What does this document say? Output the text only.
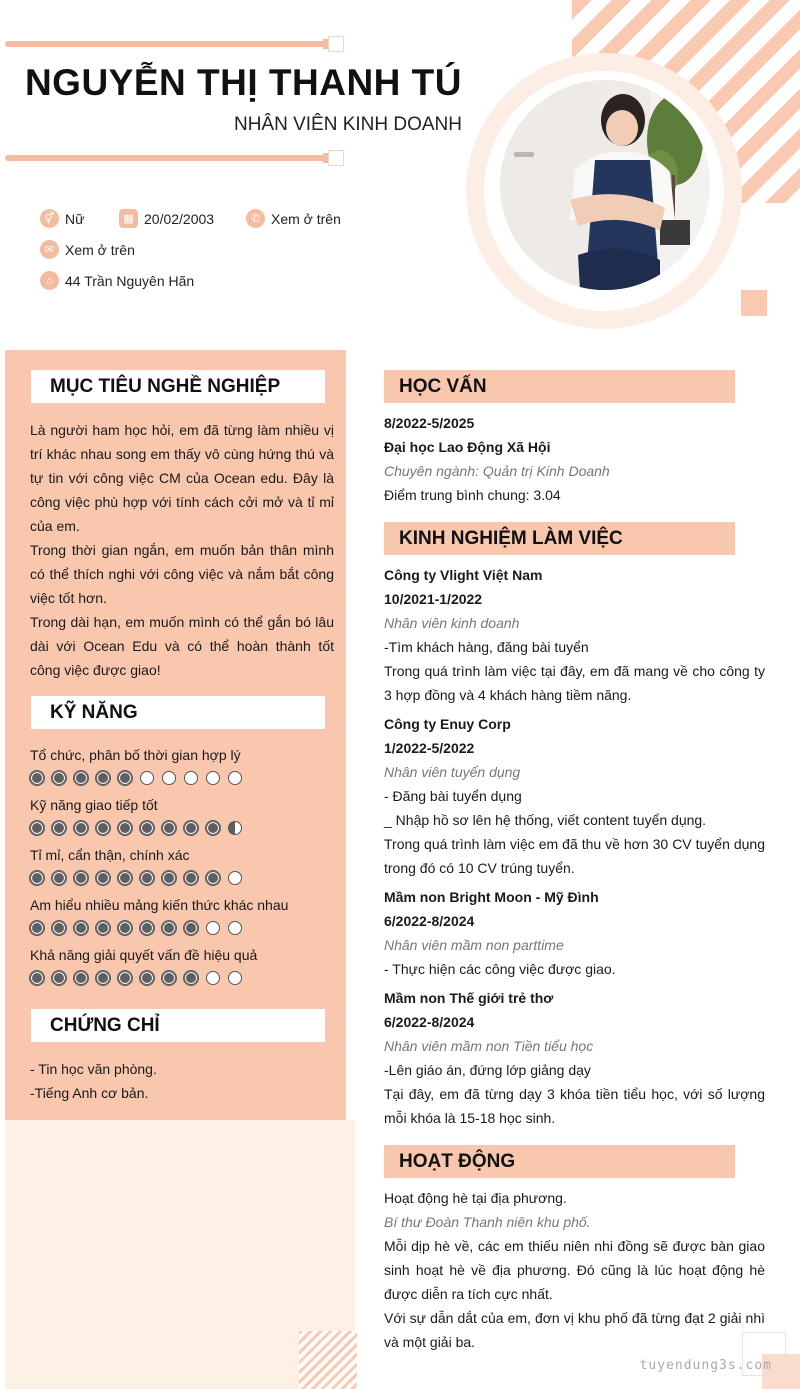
NGUYỄN THỊ THANH TÚ
NHÂN VIÊN KINH DOANH
⚥ Nữ	▦ 20/02/2003	✆ Xem ở trên
✉ Xem ở trên
⌂ 44 Trần Nguyên Hãn
MỤC TIÊU NGHỀ NGHIỆP

Là người ham học hỏi, em đã từng làm nhiều vị trí khác nhau song em thấy vô cùng hứng thú và tự tin với công việc CM của Ocean edu. Đây là công việc phù hợp với tính cách cởi mở và tỉ mỉ của em.

Trong thời gian ngắn, em muốn bản thân mình có thể thích nghi với công việc và nắm bắt công việc tốt hơn.

Trong dài hạn, em muốn mình có thể gắn bó lâu dài với Ocean Edu và có thể hoàn thành tốt công việc được giao!

KỸ NĂNG
Tổ chức, phân bố thời gian hợp lý
Kỹ năng giao tiếp tốt
Tỉ mỉ, cẩn thận, chính xác
Am hiểu nhiều mảng kiến thức khác nhau
Khả năng giải quyết vấn đề hiệu quả
CHỨNG CHỈ

- Tin học văn phòng.

-Tiếng Anh cơ bản.

HỌC VẤN
8/2022-5/2025
Đại học Lao Động Xã Hội
Chuyên ngành: Quản trị Kinh Doanh
Điểm trung bình chung: 3.04
KINH NGHIỆM LÀM VIỆC
Công ty Vlight Việt Nam
10/2021-1/2022
Nhân viên kinh doanh

-Tìm khách hàng, đăng bài tuyển

Trong quá trình làm việc tại đây, em đã mang về cho công ty 3 hợp đồng và 4 khách hàng tiềm năng.

Công ty Enuy Corp
1/2022-5/2022
Nhân viên tuyển dụng

- Đăng bài tuyển dụng

_ Nhập hồ sơ lên hệ thống, viết content tuyển dụng.

Trong quá trình làm việc em đã thu về hơn 30 CV tuyển dụng trong đó có 10 CV trúng tuyển.

Mầm non Bright Moon - Mỹ Đình
6/2022-8/2024
Nhân viên mầm non parttime

- Thực hiện các công việc được giao.

Mầm non Thế giới trẻ thơ
6/2022-8/2024
Nhân viên mầm non Tiền tiểu học

-Lên giáo án, đứng lớp giảng dạy

Tại đây, em đã từng dạy 3 khóa tiền tiểu học, với số lượng mỗi khóa là 15-18 học sinh.

HOẠT ĐỘNG
Hoạt động hè tại địa phương.
Bí thư Đoàn Thanh niên khu phố.

Mỗi dịp hè về, các em thiếu niên nhi đồng sẽ được bàn giao sinh hoạt hè về địa phương. Đó cũng là lúc hoạt động hè được diễn ra tích cực nhất.

Với sự dẫn dắt của em, đơn vị khu phố đã từng đạt 2 giải nhì và một giải ba.

tuyendung3s.com
